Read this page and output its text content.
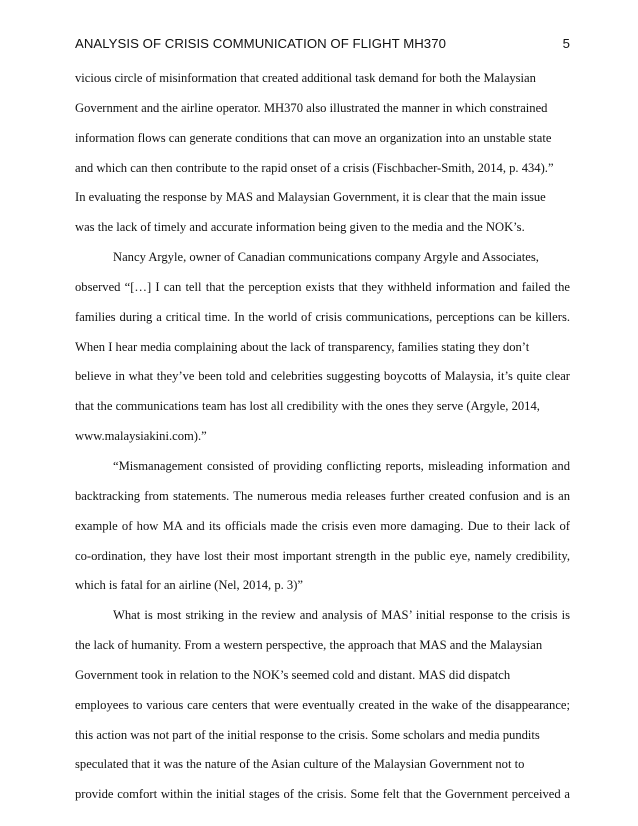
ANALYSIS OF CRISIS COMMUNICATION OF FLIGHT MH370	5
vicious circle of misinformation that created additional task demand for both the Malaysian
Government and the airline operator. MH370 also illustrated the manner in which constrained
information flows can generate conditions that can move an organization into an unstable state
and which can then contribute to the rapid onset of a crisis (Fischbacher-Smith, 2014, p. 434).”
In evaluating the response by MAS and Malaysian Government, it is clear that the main issue
was the lack of timely and accurate information being given to the media and the NOK’s.
Nancy Argyle, owner of Canadian communications company Argyle and Associates,
observed “[…] I can tell that the perception exists that they withheld information and failed the
families during a critical time. In the world of crisis communications, perceptions can be killers.
When I hear media complaining about the lack of transparency, families stating they don’t
believe in what they’ve been told and celebrities suggesting boycotts of Malaysia, it’s quite clear
that the communications team has lost all credibility with the ones they serve (Argyle, 2014,
www.malaysiakini.com).”
“Mismanagement consisted of providing conflicting reports, misleading information and
backtracking from statements. The numerous media releases further created confusion and is an
example of how MA and its officials made the crisis even more damaging. Due to their lack of
co-ordination, they have lost their most important strength in the public eye, namely credibility,
which is fatal for an airline (Nel, 2014, p. 3)”
What is most striking in the review and analysis of MAS’ initial response to the crisis is
the lack of humanity. From a western perspective, the approach that MAS and the Malaysian
Government took in relation to the NOK’s seemed cold and distant. MAS did dispatch
employees to various care centers that were eventually created in the wake of the disappearance;
this action was not part of the initial response to the crisis. Some scholars and media pundits
speculated that it was the nature of the Asian culture of the Malaysian Government not to
provide comfort within the initial stages of the crisis. Some felt that the Government perceived a
